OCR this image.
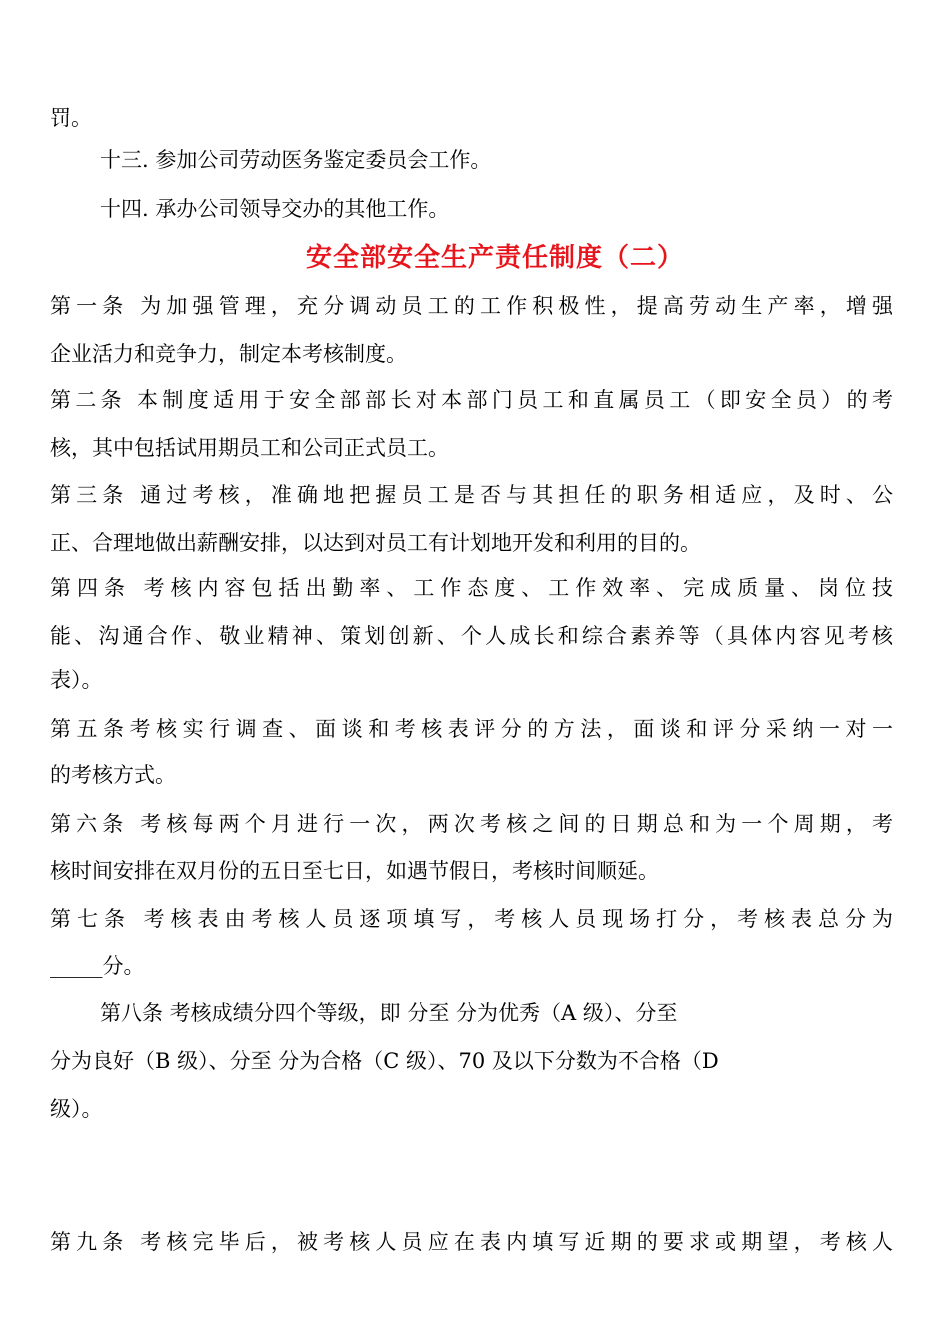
罚。

十三. 参加公司劳动医务鉴定委员会工作。

十四. 承办公司领导交办的其他工作。

安全部安全生产责任制度（二）

第一条 为加强管理，充分调动员工的工作积极性，提高劳动生产率，增强

企业活力和竞争力，制定本考核制度。

第二条 本制度适用于安全部部长对本部门员工和直属员工（即安全员）的考

核，其中包括试用期员工和公司正式员工。

第三条 通过考核，准确地把握员工是否与其担任的职务相适应，及时、公

正、合理地做出薪酬安排，以达到对员工有计划地开发和利用的目的。

第四条 考核内容包括出勤率、工作态度、工作效率、完成质量、岗位技

能、沟通合作、敬业精神、策划创新、个人成长和综合素养等（具体内容见考核

表）。

第五条考核实行调查、面谈和考核表评分的方法，面谈和评分采纳一对一

的考核方式。

第六条 考核每两个月进行一次，两次考核之间的日期总和为一个周期，考

核时间安排在双月份的五日至七日，如遇节假日，考核时间顺延。

第七条 考核表由考核人员逐项填写，考核人员现场打分，考核表总分为

_____分。

第八条 考核成绩分四个等级，即 分至 分为优秀（A 级）、分至

分为良好（B 级）、分至 分为合格（C 级）、70 及以下分数为不合格（D

级）。

第九条 考核完毕后，被考核人员应在表内填写近期的要求或期望，考核人
